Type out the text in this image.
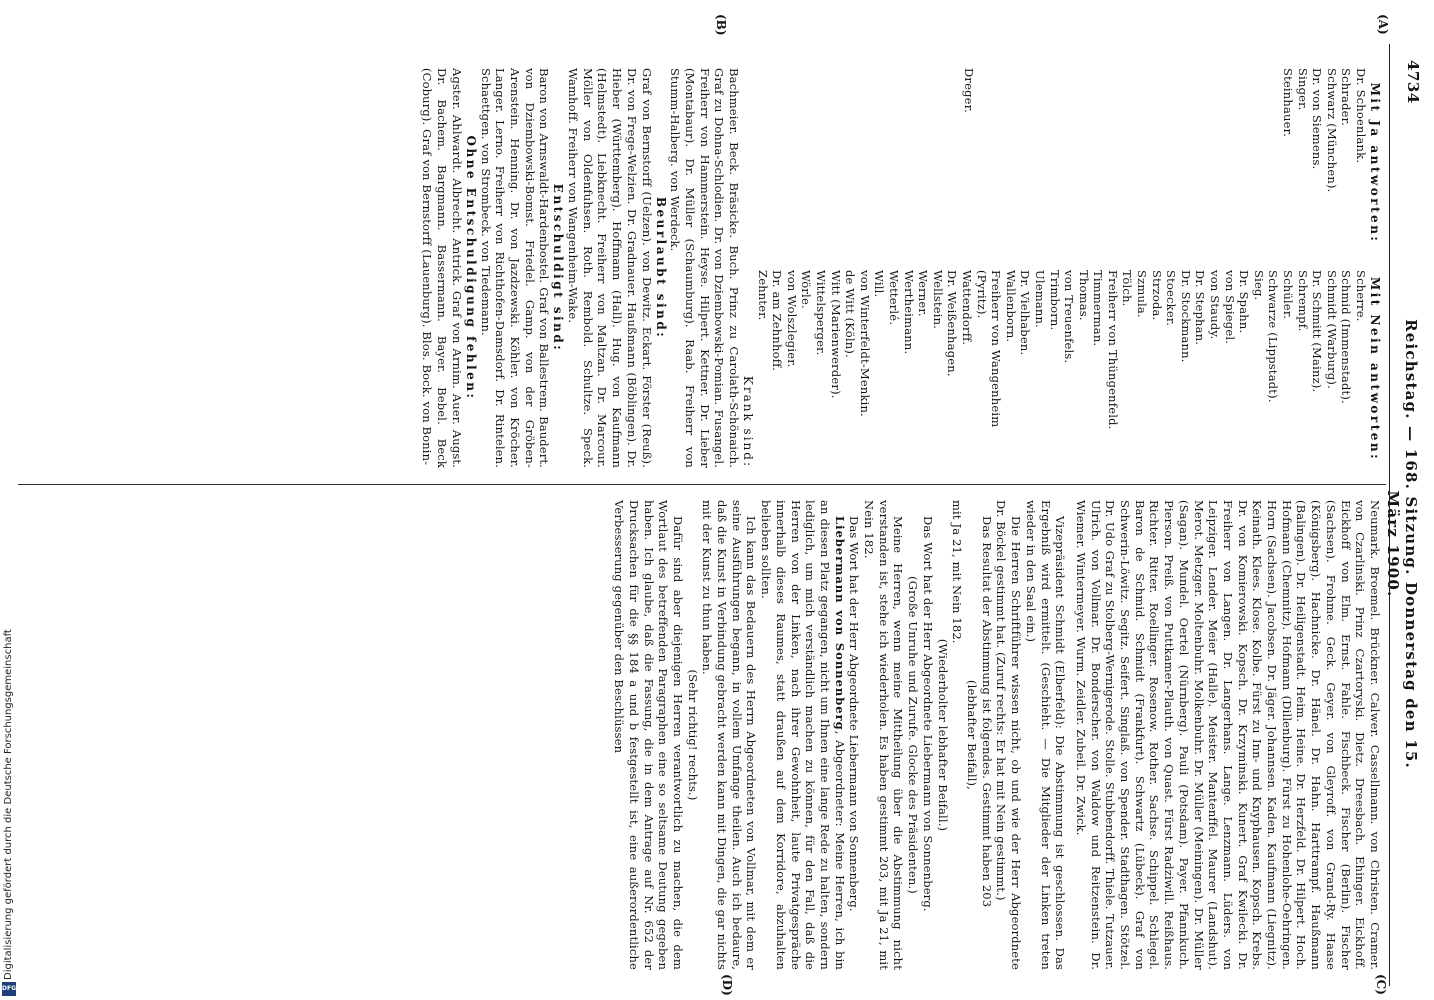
4734
Reichstag. — 168. Sitzung. Donnerstag den 15. März 1900.
(A)
(B)
(C)
(D)
Mit Ja antworten:
Dr. Schoenlank.
Schrader.
Schwarz (München).
Dr. von Siemens.
Singer.
Steinhauer.
Dreger.
Mit Nein antworten:
Scherre.
Schmid (Immenstadt).
Schmidt (Warburg).
Dr. Schmitt (Mainz).
Schrempf.
Schüler.
Schwarze (Lippstadt).
Sieg.
Dr. Spahn.
von Spiegel.
von Staudy.
Dr. Stephan.
Dr. Stockmann.
Stoecker.
Strzoda.
Szmula.
Tölch.
Freiherr von Thüngenfeld.
Timmerman.
Thomas.
von Treuenfels.
Trimborn.
Ulemann.
Dr. Vielhaben.
Wallenborn.
Freiherr von Wangenheim (Pyritz).
Wattendorff.
Dr. Weißenhagen.
Wellstein.
Werner.
Wertheimann.
Wetterlé.
Will.
von Winterfeldt-Menkin.
de Witt (Köln).
Witt (Marienwerder).
Wittelsperger.
Wörle.
von Wolszlegier.
Dr. am Zehnhoff.
Zehnter.
Krank sind:

Bachmeier. Beck. Bräsicke. Buch. Prinz zu Carolath-Schönaich. Graf zu Dohna-Schlodien. Dr. von Dziembowski-Pomian. Fusangel. Freiherr von Hammerstein. Heyse. Hilpert. Kettner. Dr. Lieber (Montabaur). Dr. Müller (Schaumburg). Raab. Freiherr von Stumm-Halberg. von Werdeck.

Beurlaubt sind:

Graf von Bernstorff (Uelzen). von Dewitz. Eckart. Förster (Reuß). Dr. von Frege-Welzien. Dr. Gradnauer. Haußmann (Böblingen). Dr. Hieber (Württemberg). Hoffmann (Hall). Hug. von Kaufmann (Helmstedt). Liebknecht. Freiherr von Maltzan. Dr. Marcour. Möller von Oldenfuhsen. Roth. Rembold. Schultze. Speck. Wamhoff. Freiherr von Wangenheim-Wake.

Entschuldigt sind:

Baron von Arnswaldt-Hardenbostel. Graf von Ballestrem. Baudert. von Dziembowski-Bomst. Friedel. Gamp. von der Gröben-Arenstein. Henning. Dr. von Jazdzewski. Köhler. von Kröcher. Langer. Lerno. Freiherr von Richthofen-Damsdorf. Dr. Rintelen. Schaettgen. von Strombeck. von Tiedemann.

Ohne Entschuldigung fehlen:

Agster. Ahlwardt. Albrecht. Antrick. Graf von Arnim. Auer. Augst. Dr. Bachem. Bargmann. Bassermann. Bayer. Bebel. Beck (Coburg). Graf von Bernstorff (Lauenburg). Blos. Bock. von Bonin-

Neumark. Broemel. Brückner. Calwer. Cassellmann. von Christen. Cramer. von Czarlinski. Prinz Czartoryski. Dietz. Dreesbach. Ehinger. Eickhoff. Eickhoff von Elm. Ernst. Fahle. Fischbeck. Fischer (Berlin). Fischer (Sachsen). Frohme. Geck. Geyer. von Gleyroff. von Grand-Ry. Haase (Königsberg). Hachnicke. Dr. Hänel. Dr. Hahn. Harttrampf. Haußmann (Balingen). Dr. Heiligenstadt. Heim. Heine. Dr. Herzfeld. Dr. Hilpert. Hoch. Hofmann (Chemnitz). Hofmann (Dillenburg). Fürst zu Hohenlohe-Oehringen. Horn (Sachsen). Jacobsen. Dr. Jäger. Johannsen. Kaden. Kaufmann (Liegnitz). Keinath. Klees. Klose. Kolbe. Fürst zu Inn- und Knyphausen. Kopsch. Krebs. Dr. von Komierowski. Kopsch. Dr. Krzyminski. Kunert. Graf Kwilecki. Dr. Freiherr von Langen. Dr. Langerhans. Lange. Lenzmann. Lüders. von Leipziger. Lender. Meier (Halle). Meister. Mantenffel. Maurer (Landshut). Merot. Metzger. Moltenbuhr. Molkenbuhr. Dr. Müller (Meiningen). Dr. Müller (Sagan). Mundel. Oertel (Nürnberg). Pauli (Potsdam). Payer. Pfannkuch. Pierson. Preiß. von Puttkamer-Plauth. von Quast. Fürst Radziwill. Reißhaus. Richter. Ritter. Roellinger. Rosenow. Rother. Sachse. Schippel. Schlegel. Baron de Schmid. Schmidt (Frankfurt). Schwartz (Lübeck). Graf von Schwerin-Löwitz. Segitz. Seifert. Singlaß. von Spender. Stadthagen. Stötzel. Dr. Udo Graf zu Stolberg-Wernigerode. Stolle. Stubbendorff. Thiele. Tutzauer. Ulrich. von Vollmar. Dr. Bonderscher. von Waldow und Reitzenstein. Dr. Wiemer. Wintermeyer. Wurm. Zeidler. Zubeil. Dr. Zwick.

Vizepräsident Schmidt (Elberfeld): Die Abstimmung ist geschlossen. Das Ergebniß wird ermittelt. (Geschieht. — Die Mitglieder der Linken treten wieder in den Saal ein.)

Die Herren Schriftführer wissen nicht, ob und wie der Herr Abgeordnete Dr. Böckel gestimmt hat. (Zuruf rechts: Er hat mit Nein gestimmt.)

Das Resultat der Abstimmung ist folgendes. Gestimmt haben 203

(lebhafter Beifall),

mit Ja 21, mit Nein 182.

(Wiederholter lebhafter Beifall.)

Das Wort hat der Herr Abgeordnete Liebermann von Sonnenberg.

(Große Unruhe und Zurufe. Glocke des Präsidenten.)

Meine Herren, wenn meine Mittheilung über die Abstimmung nicht verstanden ist, stehe ich wiederholen. Es haben gestimmt 203, mit Ja 21, mit Nein 182.

Das Wort hat der Herr Abgeordnete Liebermann von Sonnenberg.

Liebermann von Sonnenberg, Abgeordneter: Meine Herren, ich bin an diesen Platz gegangen, nicht um Ihnen eine lange Rede zu halten, sondern lediglich, um mich verständlich machen zu können, für den Fall, daß die Herren von der Linken, nach ihrer Gewohnheit, laute Privatgespräche innerhalb dieses Raumes, statt draußen auf dem Korridore, abzuhalten belieben sollten.

Ich kann das Bedauern des Herrn Abgeordneten von Vollmar, mit dem er seine Ausführungen begann, in vollem Umfange theilen. Auch ich bedaure, daß die Kunst in Verbindung gebracht werden kann mit Dingen, die gar nichts mit der Kunst zu thun haben.

(Sehr richtig! rechts.)

Dafür sind aber diejenigen Herren verantwortlich zu machen, die dem Wortlaut des betreffenden Paragraphen eine so seltsame Deutung gegeben haben. Ich glaube, daß die Fassung, die in dem Antrage auf Nr. 652 der Drucksachen für die §§ 184 a und b festgestellt ist, eine außerordentliche Verbesserung gegenüber den Beschlüssen

Digitalisierung gefördert durch die Deutsche Forschungsgemeinschaft
DFG
